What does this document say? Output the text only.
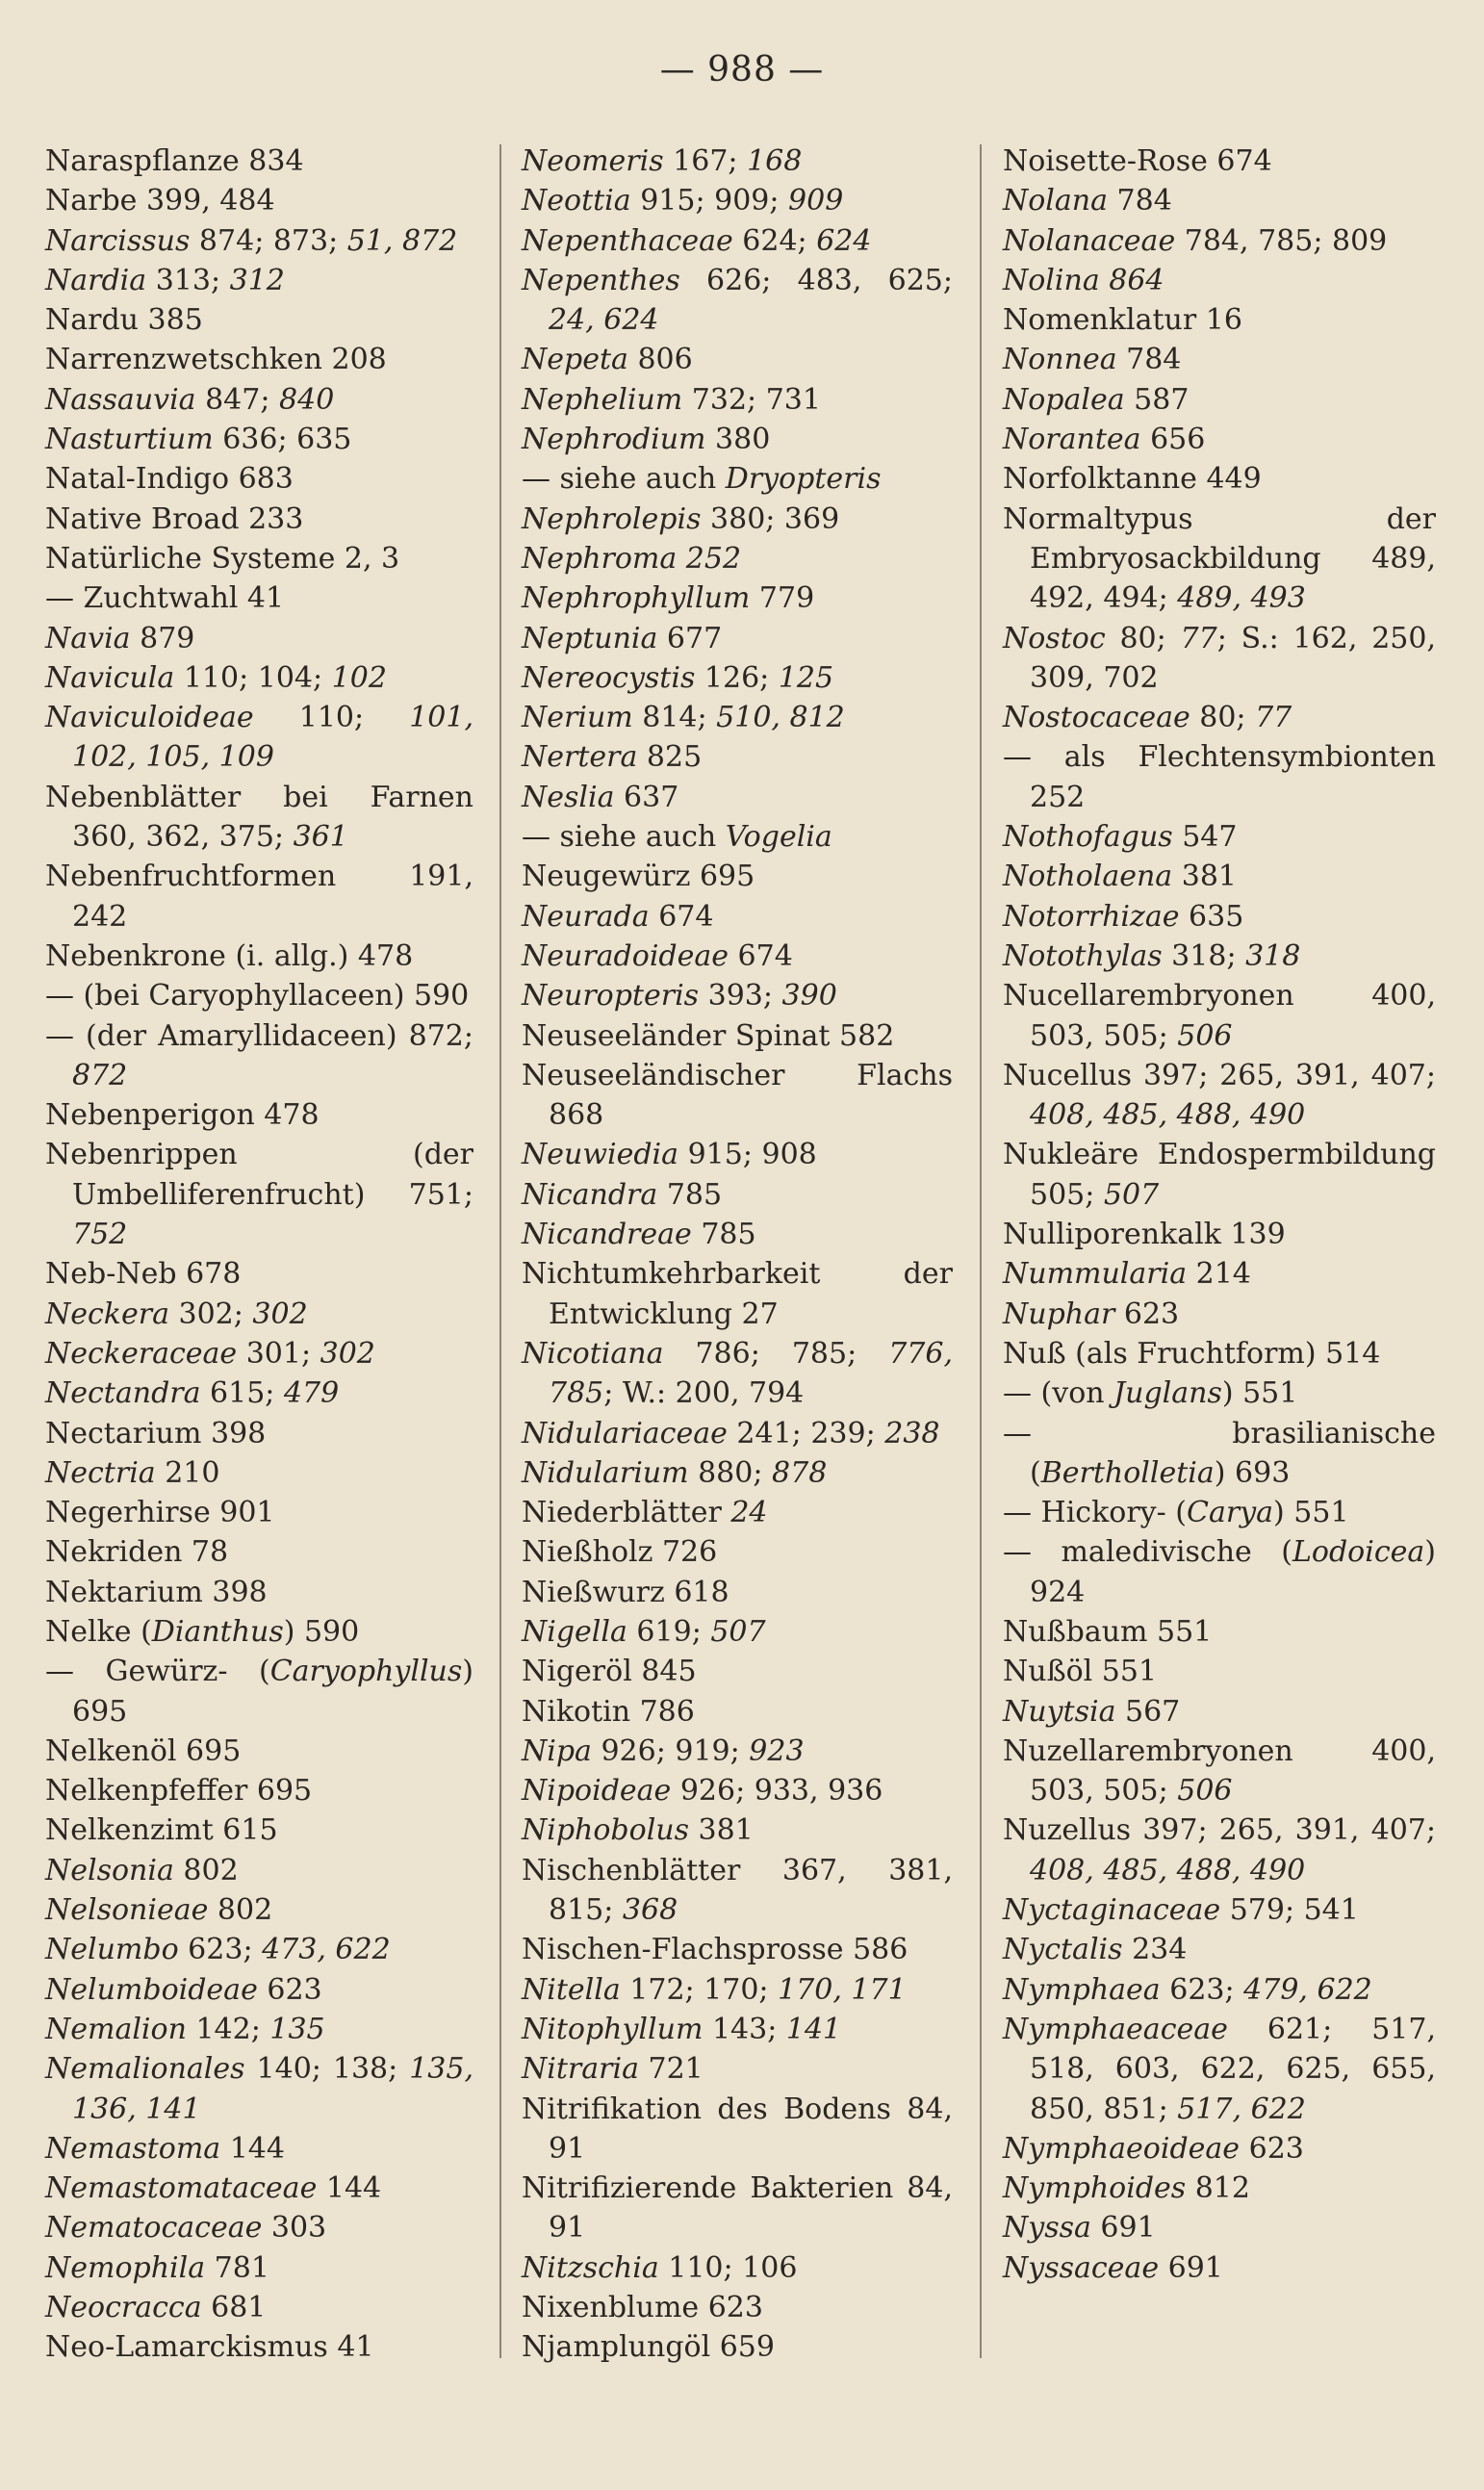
— 988 —
Naraspflanze 834
Narbe 399, 484
Narcissus 874; 873; 51, 872
Nardia 313; 312
Nardu 385
Narrenzwetschken 208
Nassauvia 847; 840
Nasturtium 636; 635
Natal-Indigo 683
Native Broad 233
Natürliche Systeme 2, 3
— Zuchtwahl 41
Navia 879
Navicula 110; 104; 102
Naviculoideae 110; 101, 102, 105, 109
Nebenblätter bei Farnen 360, 362, 375; 361
Nebenfruchtformen 191, 242
Nebenkrone (i. allg.) 478
— (bei Caryophyllaceen) 590
— (der Amaryllidaceen) 872; 872
Nebenperigon 478
Nebenrippen (der Umbelliferenfrucht) 751; 752
Neb-Neb 678
Neckera 302; 302
Neckeraceae 301; 302
Nectandra 615; 479
Nectarium 398
Nectria 210
Negerhirse 901
Nekriden 78
Nektarium 398
Nelke (Dianthus) 590
— Gewürz- (Caryophyllus) 695
Nelkenöl 695
Nelkenpfeffer 695
Nelkenzimt 615
Nelsonia 802
Nelsonieae 802
Nelumbo 623; 473, 622
Nelumboideae 623
Nemalion 142; 135
Nemalionales 140; 138; 135, 136, 141
Nemastoma 144
Nemastomataceae 144
Nematocaceae 303
Nemophila 781
Neocracca 681
Neo-Lamarckismus 41
Neomeris 167; 168
Neottia 915; 909; 909
Nepenthaceae 624; 624
Nepenthes 626; 483, 625; 24, 624
Nepeta 806
Nephelium 732; 731
Nephrodium 380
— siehe auch Dryopteris
Nephrolepis 380; 369
Nephroma 252
Nephrophyllum 779
Neptunia 677
Nereocystis 126; 125
Nerium 814; 510, 812
Nertera 825
Neslia 637
— siehe auch Vogelia
Neugewürz 695
Neurada 674
Neuradoideae 674
Neuropteris 393; 390
Neuseeländer Spinat 582
Neuseeländischer Flachs 868
Neuwiedia 915; 908
Nicandra 785
Nicandreae 785
Nichtumkehrbarkeit der Entwicklung 27
Nicotiana 786; 785; 776, 785; W.: 200, 794
Nidulariaceae 241; 239; 238
Nidularium 880; 878
Niederblätter 24
Nießholz 726
Nießwurz 618
Nigella 619; 507
Nigeröl 845
Nikotin 786
Nipa 926; 919; 923
Nipoideae 926; 933, 936
Niphobolus 381
Nischenblätter 367, 381, 815; 368
Nischen-Flachsprosse 586
Nitella 172; 170; 170, 171
Nitophyllum 143; 141
Nitraria 721
Nitrifikation des Bodens 84, 91
Nitrifizierende Bakterien 84, 91
Nitzschia 110; 106
Nixenblume 623
Njamplungöl 659
Noisette-Rose 674
Nolana 784
Nolanaceae 784, 785; 809
Nolina 864
Nomenklatur 16
Nonnea 784
Nopalea 587
Norantea 656
Norfolktanne 449
Normaltypus der Embryosackbildung 489, 492, 494; 489, 493
Nostoc 80; 77; S.: 162, 250, 309, 702
Nostocaceae 80; 77
— als Flechtensymbionten 252
Nothofagus 547
Notholaena 381
Notorrhizae 635
Notothylas 318; 318
Nucellarembryonen 400, 503, 505; 506
Nucellus 397; 265, 391, 407; 408, 485, 488, 490
Nukleäre Endospermbildung 505; 507
Nulliporenkalk 139
Nummularia 214
Nuphar 623
Nuß (als Fruchtform) 514
— (von Juglans) 551
— brasilianische (Bertholletia) 693
— Hickory- (Carya) 551
— maledivische (Lodoicea) 924
Nußbaum 551
Nußöl 551
Nuytsia 567
Nuzellarembryonen 400, 503, 505; 506
Nuzellus 397; 265, 391, 407; 408, 485, 488, 490
Nyctaginaceae 579; 541
Nyctalis 234
Nymphaea 623; 479, 622
Nymphaeaceae 621; 517, 518, 603, 622, 625, 655, 850, 851; 517, 622
Nymphaeoideae 623
Nymphoides 812
Nyssa 691
Nyssaceae 691
